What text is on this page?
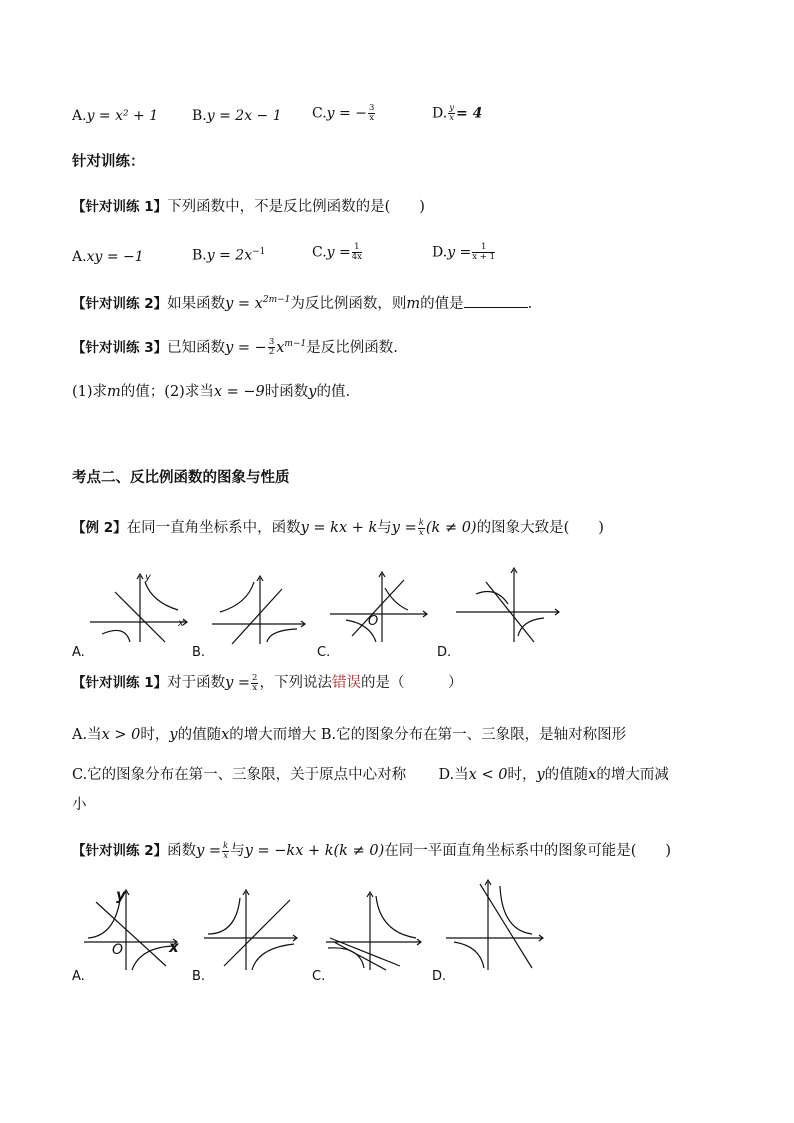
A.y = x² + 1 B.y = 2x − 1 C.y = − $\frac{3}{x}$	D. $\frac{y}{x} = 4$
针对训练：
【针对训练 1】下列函数中，不是反比例函数的是(　　)
A.xy = −1	$B.y = 2x^{-1}$	$C.y = \frac{1}{4x}$	$D.y = \frac{1}{x + 1}$
【针对训练 2】如果函数$y = x^{2m-1}$为反比例函数，则m的值是	.
【针对训练 3】已知函数y = − $\frac{3}{2} x^{m-1}$是反比例函数.
(1)求m的值；(2)求当x = −9时函数y的值.
考点二、反比例函数的图象与性质
【例 2】在同一直角坐标系中，函数y = kx + k与$y = \frac{k}{x} (k \ne 0)$的图象大致是(　　)
x
y
A.	B.
O
C.	D.
【针对训练 1】对于函数$y = \frac{2}{x}$ ，下列说法错误的是（　　　）
A.当x > 0时，y的值随x的增大而增大 B.它的图象分布在第一、三象限，是轴对称图形
C.它的图象分布在第一、三象限，关于原点中心对称 D.当x < 0时，y的值随x的增大而减
小
【针对训练 2】函数$y = \frac{k}{x}$ 与y = −kx + k(k ≠ 0)在同一平面直角坐标系中的图象可能是(　　)
y
x
O
A.	B.	C.	D.
